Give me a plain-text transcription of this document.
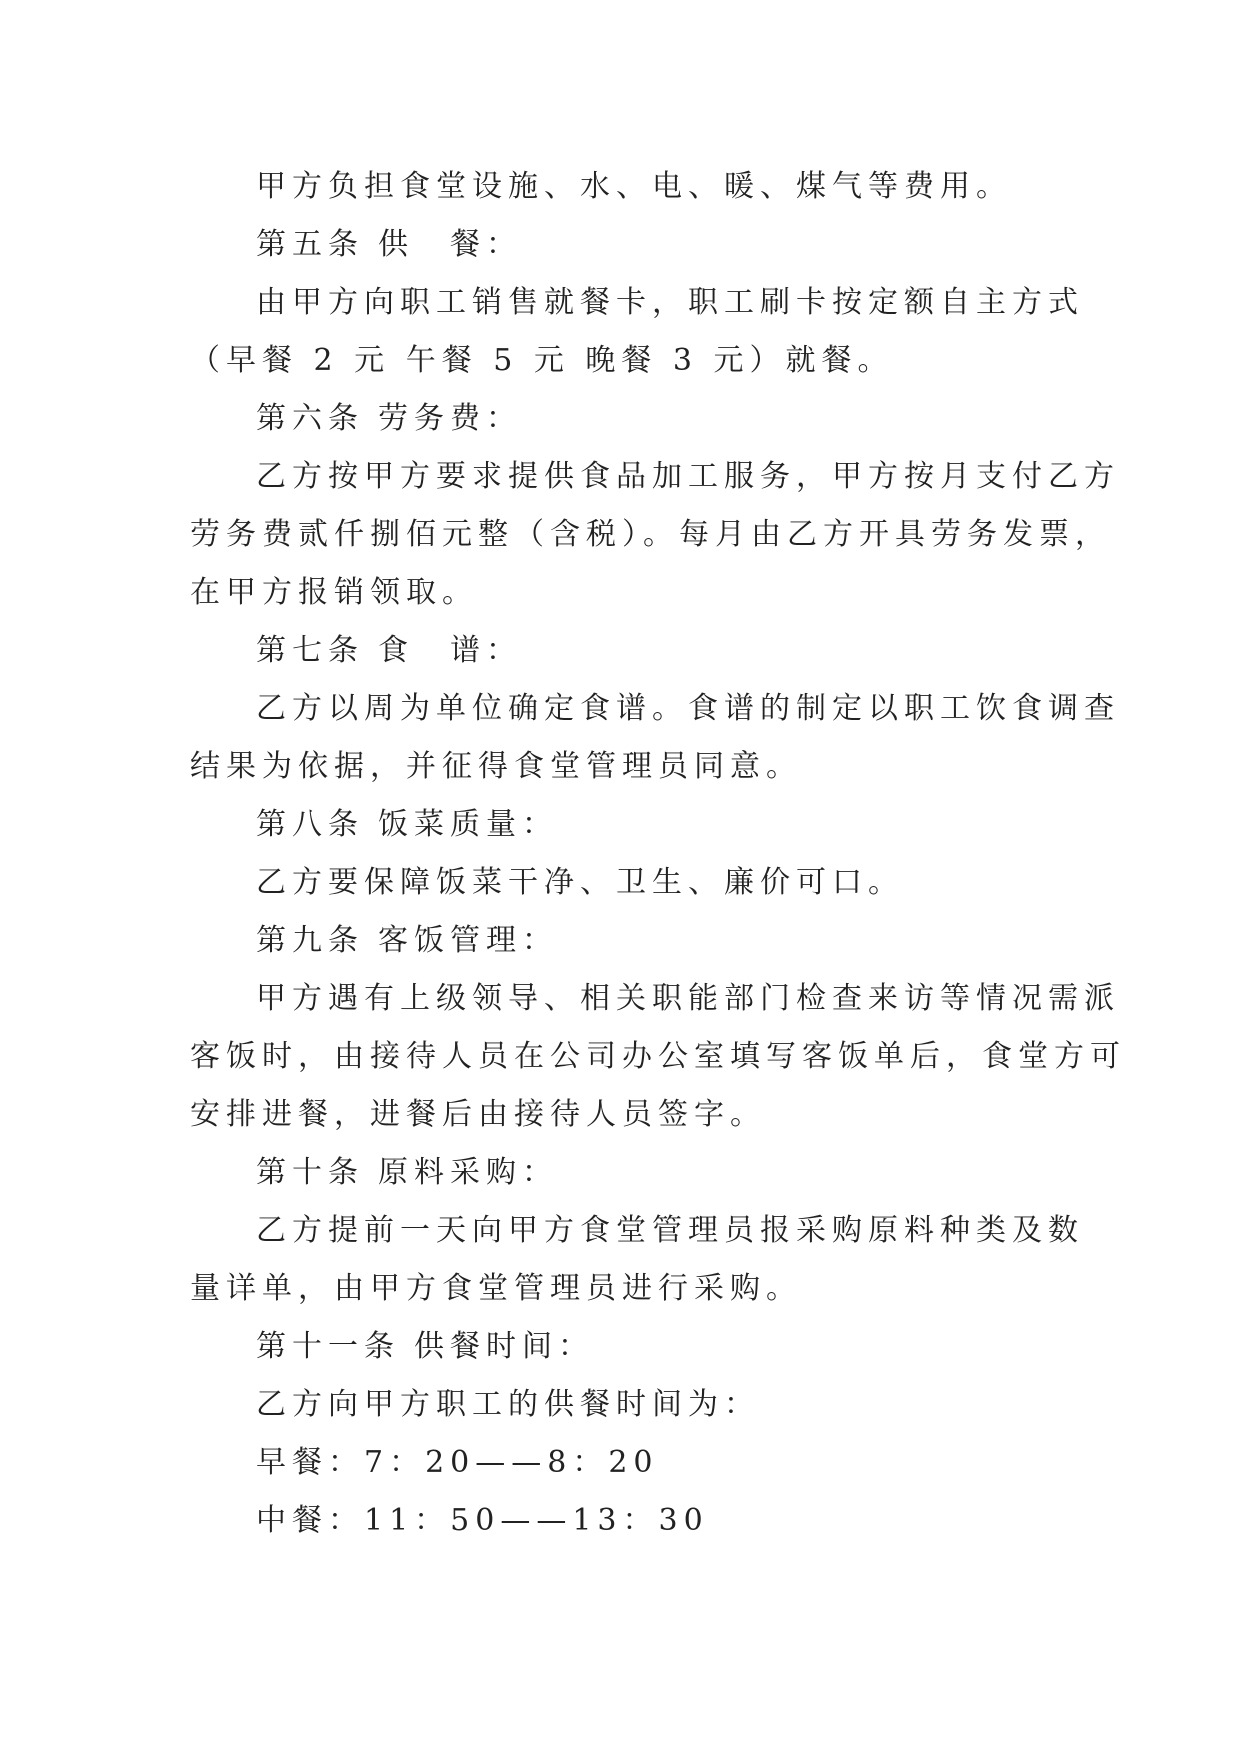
甲方负担食堂设施、水、电、暖、煤气等费用。

第五条 供　餐：

由甲方向职工销售就餐卡，职工刷卡按定额自主方式

（早餐 2 元 午餐 5 元 晚餐 3 元）就餐。

第六条 劳务费：

乙方按甲方要求提供食品加工服务，甲方按月支付乙方

劳务费贰仟捌佰元整（含税）。每月由乙方开具劳务发票，

在甲方报销领取。

第七条 食　谱：

乙方以周为单位确定食谱。食谱的制定以职工饮食调查

结果为依据，并征得食堂管理员同意。

第八条 饭菜质量：

乙方要保障饭菜干净、卫生、廉价可口。

第九条 客饭管理：

甲方遇有上级领导、相关职能部门检查来访等情况需派

客饭时，由接待人员在公司办公室填写客饭单后，食堂方可

安排进餐，进餐后由接待人员签字。

第十条 原料采购：

乙方提前一天向甲方食堂管理员报采购原料种类及数

量详单，由甲方食堂管理员进行采购。

第十一条 供餐时间：

乙方向甲方职工的供餐时间为：

早餐：7：20——8：20

中餐：11：50——13：30
